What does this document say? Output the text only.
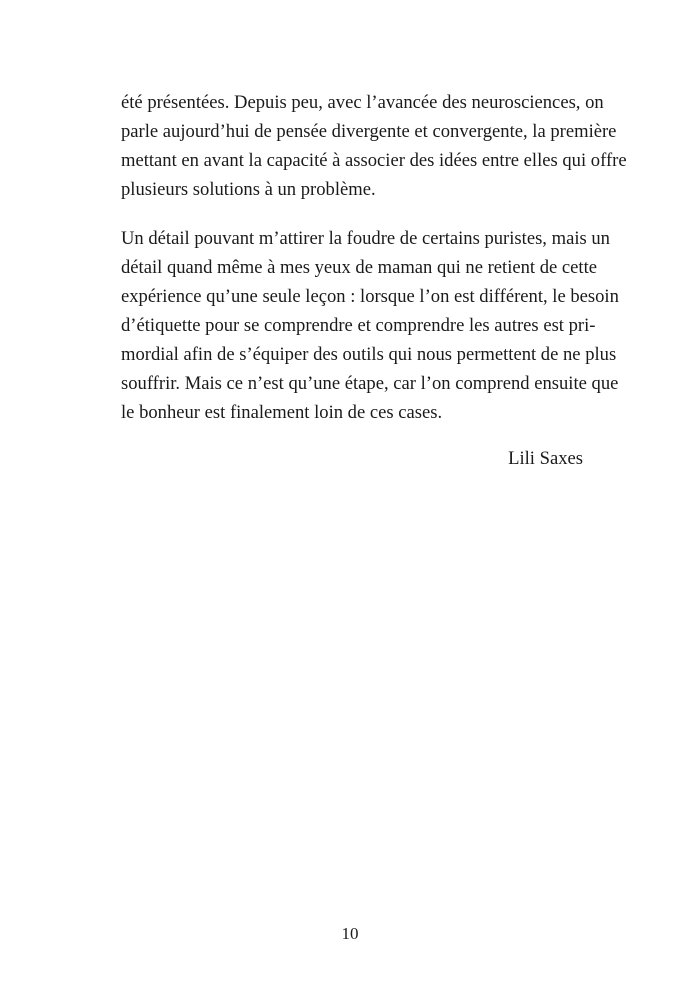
été présentées. Depuis peu, avec l’avancée des neurosciences, on
parle aujourd’hui de pensée divergente et convergente, la première
mettant en avant la capacité à associer des idées entre elles qui offre
plusieurs solutions à un problème.

Un détail pouvant m’attirer la foudre de certains puristes, mais un
détail quand même à mes yeux de maman qui ne retient de cette
expérience qu’une seule leçon : lorsque l’on est différent, le besoin
d’étiquette pour se comprendre et comprendre les autres est pri-
mordial afin de s’équiper des outils qui nous permettent de ne plus
souffrir. Mais ce n’est qu’une étape, car l’on comprend ensuite que
le bonheur est finalement loin de ces cases.

Lili Saxes

10
